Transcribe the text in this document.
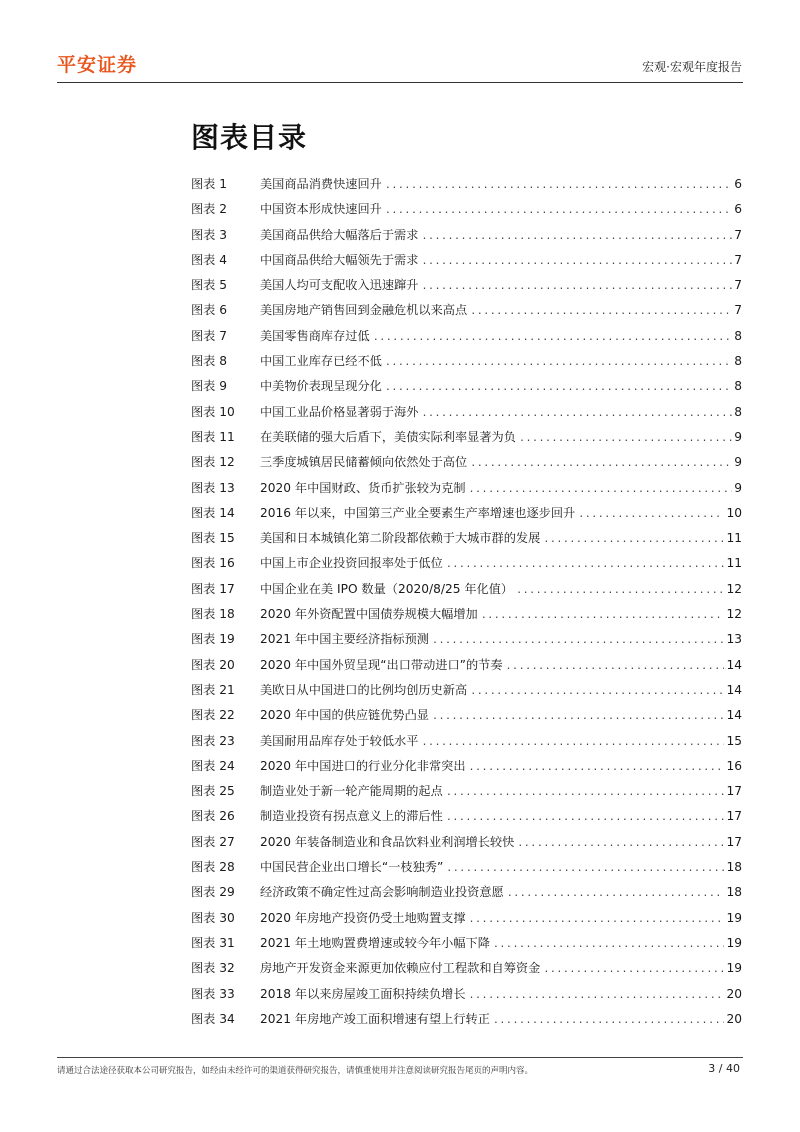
平安证券	宏观·宏观年度报告
图表目录
图表 1	美国商品消费快速回升 .....	6
图表 2	中国资本形成快速回升 .....	6
图表 3	美国商品供给大幅落后于需求 .....	7
图表 4	中国商品供给大幅领先于需求 .....	7
图表 5	美国人均可支配收入迅速蹿升 .....	7
图表 6	美国房地产销售回到金融危机以来高点 .....	7
图表 7	美国零售商库存过低 .....	8
图表 8	中国工业库存已经不低 .....	8
图表 9	中美物价表现呈现分化 .....	8
图表 10	中国工业品价格显著弱于海外 .....	8
图表 11	在美联储的强大后盾下，美债实际利率显著为负 .....	9
图表 12	三季度城镇居民储蓄倾向依然处于高位 .....	9
图表 13	2020 年中国财政、货币扩张较为克制 .....	9
图表 14	2016 年以来，中国第三产业全要素生产率增速也逐步回升 .....	10
图表 15	美国和日本城镇化第二阶段都依赖于大城市群的发展 .....	11
图表 16	中国上市企业投资回报率处于低位 .....	11
图表 17	中国企业在美 IPO 数量（2020/8/25 年化值） .....	12
图表 18	2020 年外资配置中国债券规模大幅增加 .....	12
图表 19	2021 年中国主要经济指标预测 .....	13
图表 20	2020 年中国外贸呈现“出口带动进口”的节奏 .....	14
图表 21	美欧日从中国进口的比例均创历史新高 .....	14
图表 22	2020 年中国的供应链优势凸显 .....	14
图表 23	美国耐用品库存处于较低水平 .....	15
图表 24	2020 年中国进口的行业分化非常突出 .....	16
图表 25	制造业处于新一轮产能周期的起点 .....	17
图表 26	制造业投资有拐点意义上的滞后性 .....	17
图表 27	2020 年装备制造业和食品饮料业利润增长较快 .....	17
图表 28	中国民营企业出口增长“一枝独秀” .....	18
图表 29	经济政策不确定性过高会影响制造业投资意愿 .....	18
图表 30	2020 年房地产投资仍受土地购置支撑 .....	19
图表 31	2021 年土地购置费增速或较今年小幅下降 .....	19
图表 32	房地产开发资金来源更加依赖应付工程款和自筹资金 .....	19
图表 33	2018 年以来房屋竣工面积持续负增长 .....	20
图表 34	2021 年房地产竣工面积增速有望上行转正 .....	20
请通过合法途径获取本公司研究报告，如经由未经许可的渠道获得研究报告，请慎重使用并注意阅读研究报告尾页的声明内容。	3 / 40
